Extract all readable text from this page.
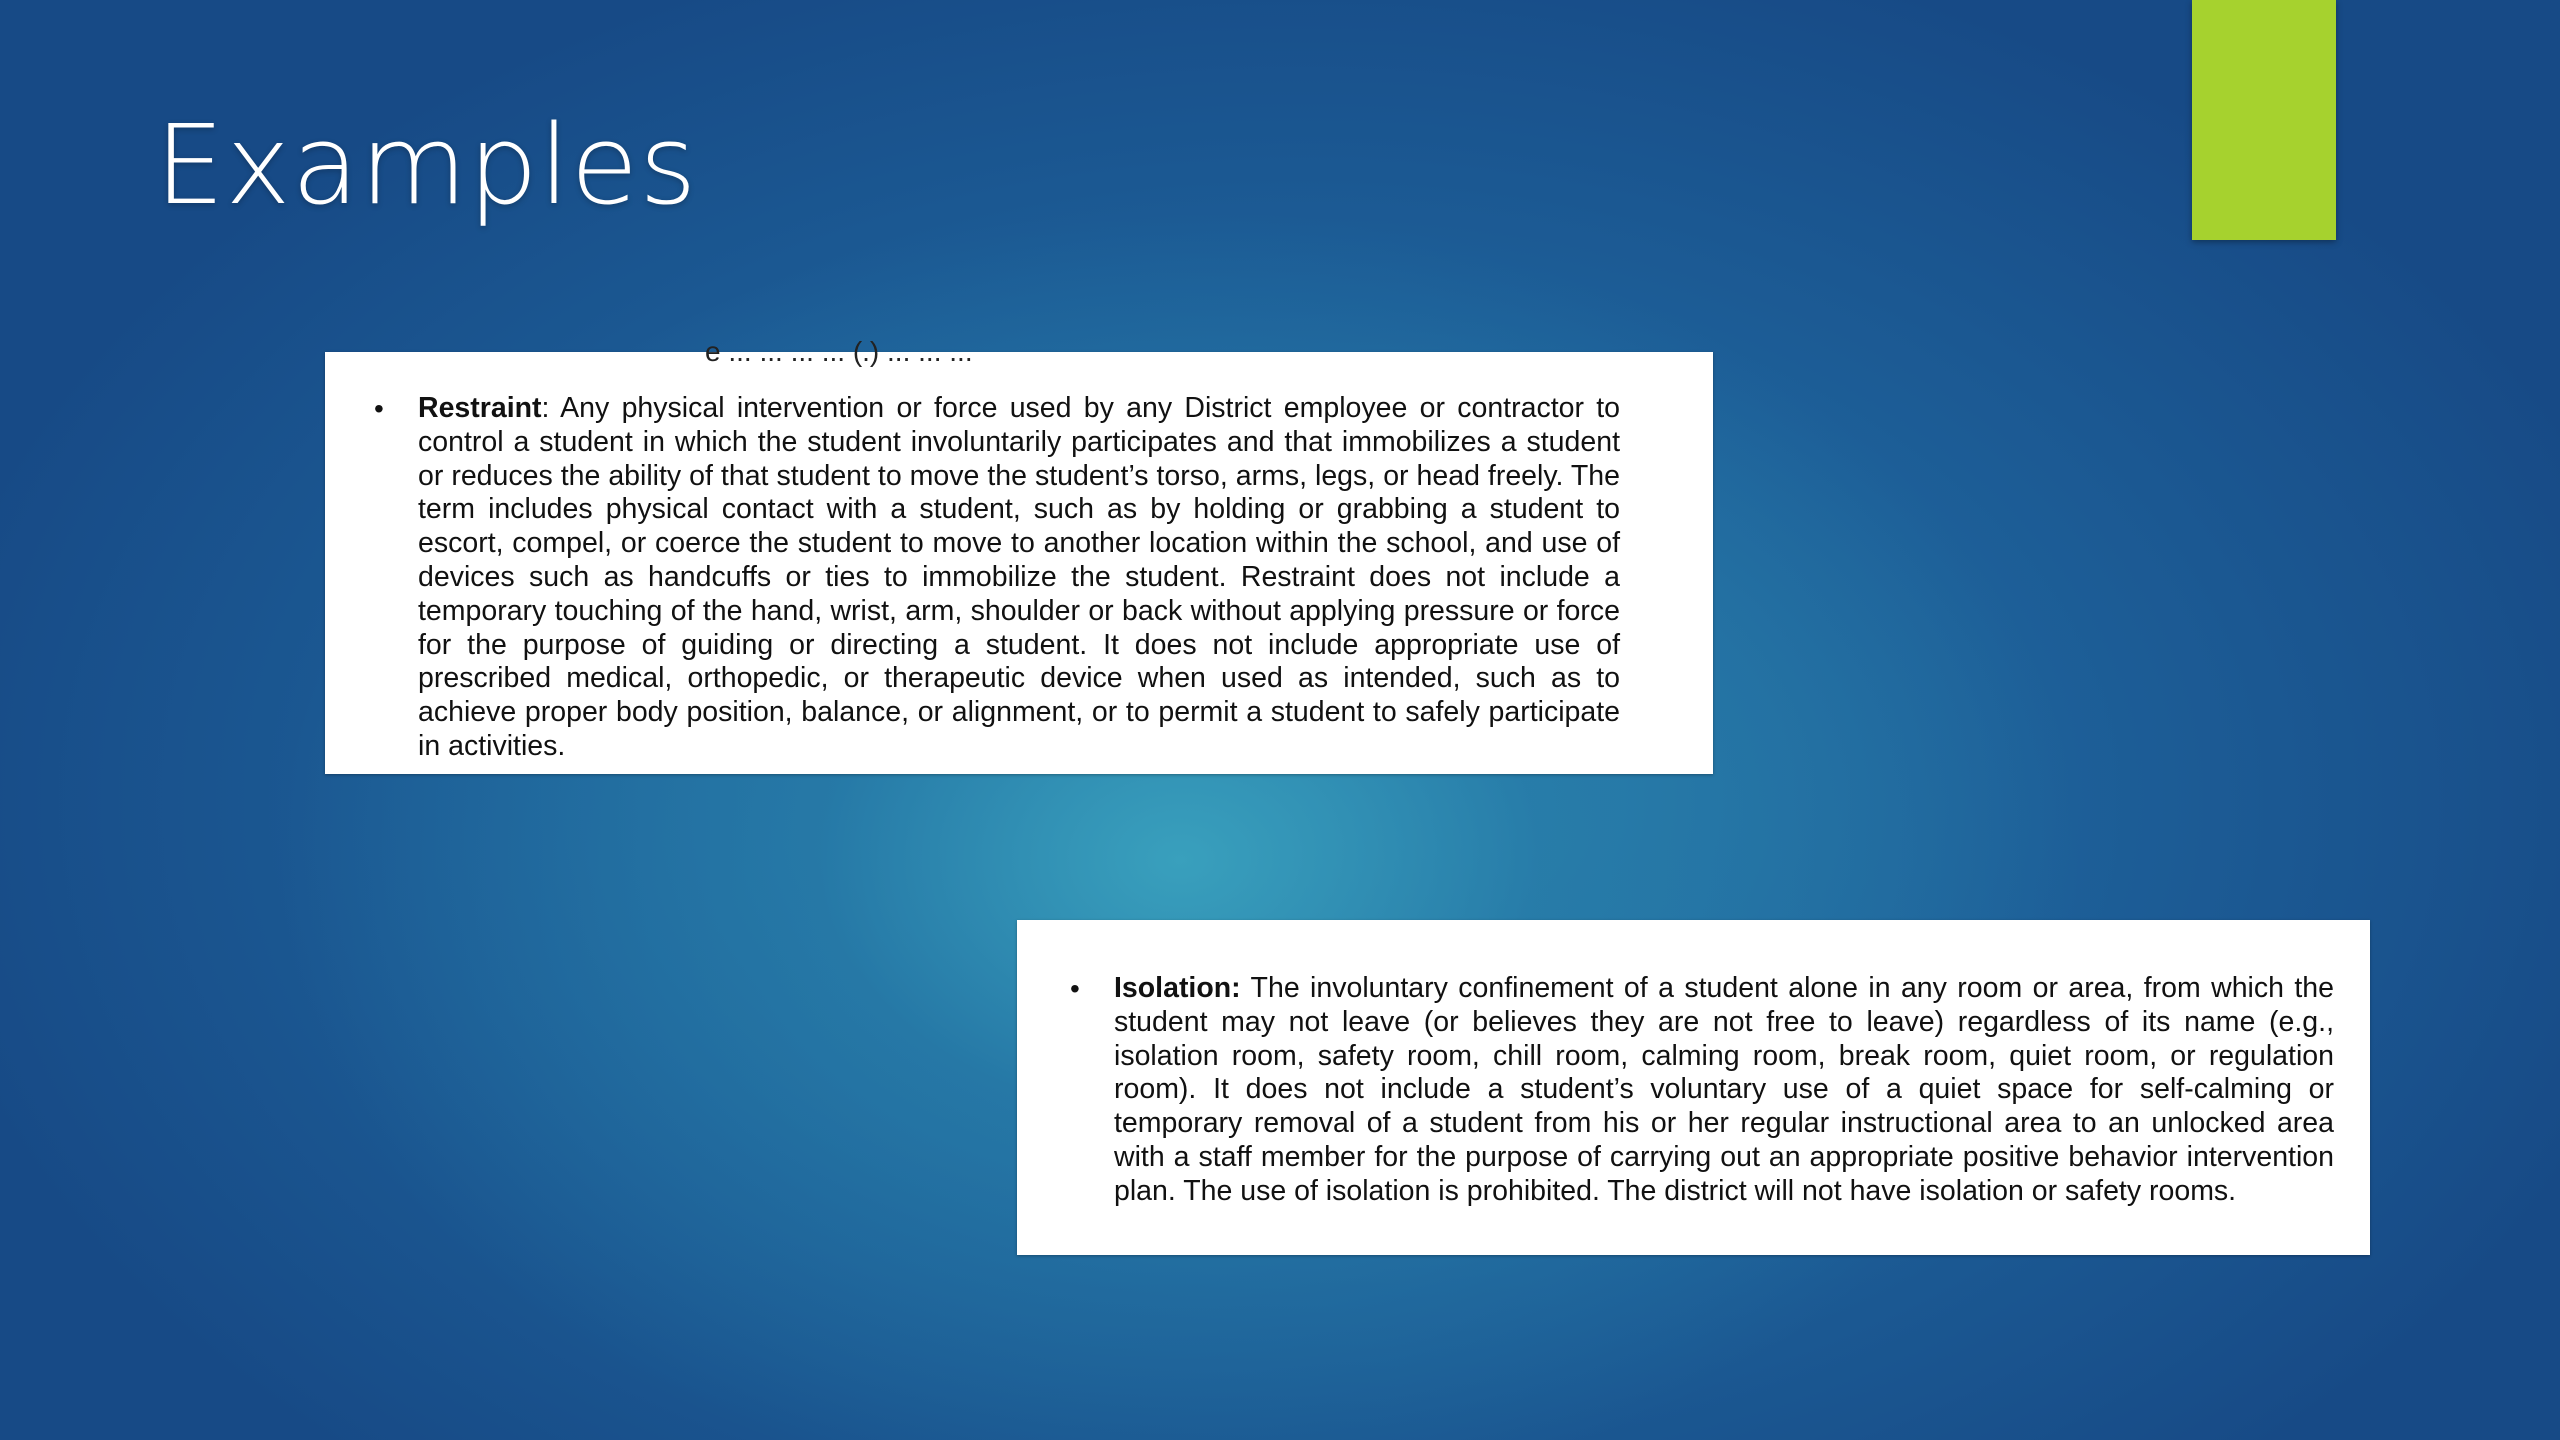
Examples
e ... ... ... ... (.) ... ... ...
• Restraint: Any physical intervention or force used by any District employee or contractor to control a student in which the student involuntarily participates and that immobilizes a student or reduces the ability of that student to move the student’s torso, arms, legs, or head freely. The term includes physical contact with a student, such as by holding or grabbing a student to escort, compel, or coerce the student to move to another location within the school, and use of devices such as handcuffs or ties to immobilize the student. Restraint does not include a temporary touching of the hand, wrist, arm, shoulder or back without applying pressure or force for the purpose of guiding or directing a student. It does not include appropriate use of prescribed medical, orthopedic, or therapeutic device when used as intended, such as to achieve proper body position, balance, or alignment, or to permit a student to safely participate in activities.
• Isolation: The involuntary confinement of a student alone in any room or area, from which the student may not leave (or believes they are not free to leave) regardless of its name (e.g., isolation room, safety room, chill room, calming room, break room, quiet room, or regulation room). It does not include a student’s voluntary use of a quiet space for self-calming or temporary removal of a student from his or her regular instructional area to an unlocked area with a staff member for the purpose of carrying out an appropriate positive behavior intervention plan. The use of isolation is prohibited. The district will not have isolation or safety rooms.
